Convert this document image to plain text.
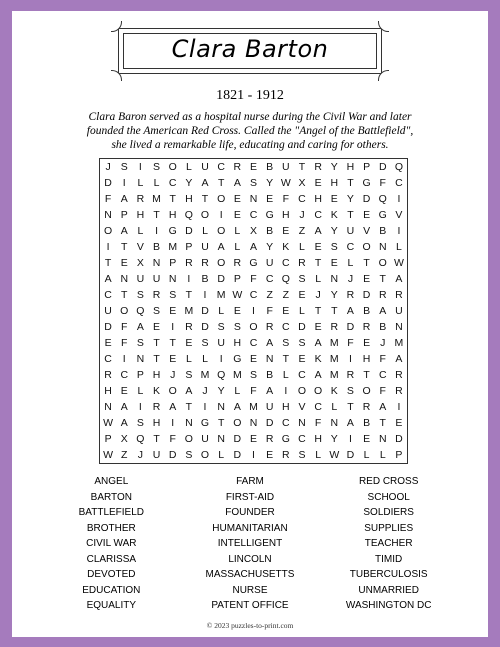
Clara Barton
1821 - 1912
Clara Baron served as a hospital nurse during the Civil War and later founded the American Red Cross. Called the "Angel of the Battlefield", she lived a remarkable life, educating and caring for others.
J S	I	S O L U C R E B U T R Y H P D Q
D	I	L L C Y A T A S Y W X E H T G F C
F A R M T H T O E N E F C H E Y D Q	I
N P H T H Q O	I	E C G H J C K T E G V
O A L	I	G D L O L X B E Z A Y U V B	I
I	T V B M P U A L A Y K L E S C O N L
T E X N P R R O R G U C R T E L T O W
A N U U N	I	B D P F C Q S L N J E T A
C T S R S T	I M W C Z Z E J Y R D R R
U O Q S E M D L E	I	F E L T T A B A U
D F A E	I	R D S S O R C D E R D R B N
E F S T T E S U H C A S S A M F E J M
C	I	N T E L L	I	G E N T E K M I	H F A
R C P H J S M Q M S B L C A M R T C R
H E L K O A J Y L F A	I	O O K S O F R
N A	I	R A T	I	N A M U H V C L T R A	I
W A S H	I	N G T O N D C N F N A B T E
P X Q T F O U N D E R G C H Y	I	E N D
W Z J U D S O L D	I	E R S L W D L L P
ANGEL
BARTON
BATTLEFIELD
BROTHER
CIVIL WAR
CLARISSA
DEVOTED
EDUCATION
EQUALITY
FARM
FIRST-AID
FOUNDER
HUMANITARIAN
INTELLIGENT
LINCOLN
MASSACHUSETTS
NURSE
PATENT OFFICE
RED CROSS
SCHOOL
SOLDIERS
SUPPLIES
TEACHER
TIMID
TUBERCULOSIS
UNMARRIED
WASHINGTON DC
© 2023 puzzles-to-print.com
